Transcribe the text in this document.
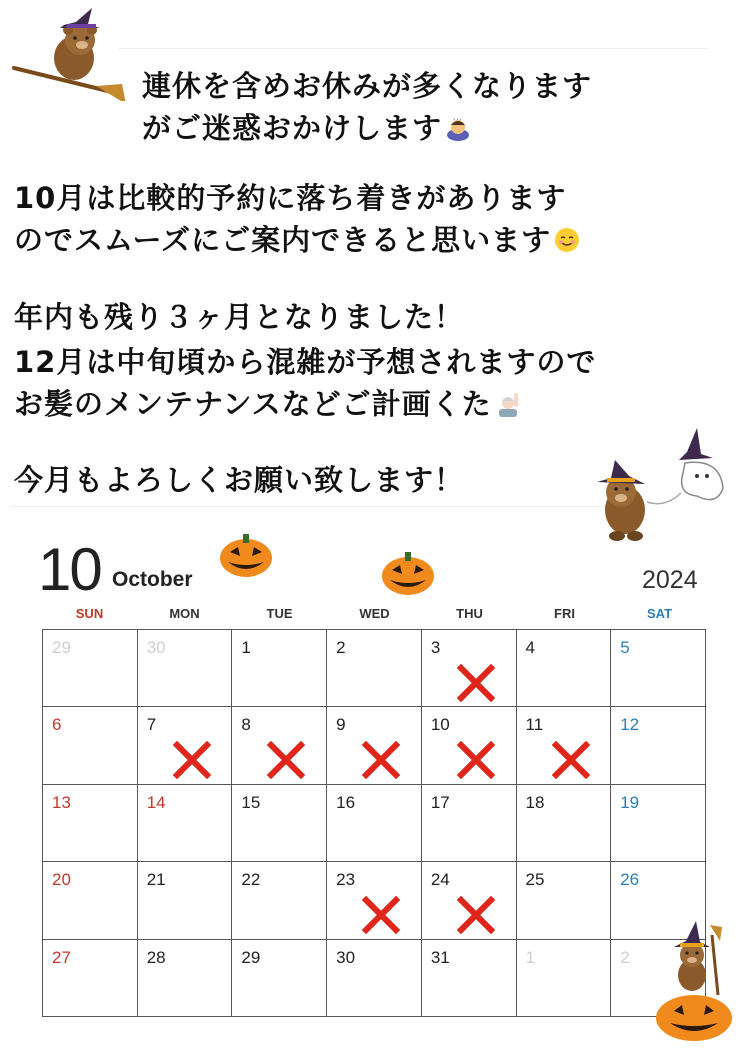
連休を含めお休みが多くなります
がご迷惑おかけします ...
10月は比較的予約に落ち着きがあります
のでスムーズにご案内できると思います
年内も残り３ヶ月となりました！
12月は中旬頃から混雑が予想されますので
お髪のメンテナンスなどご計画くた
今月もよろしくお願い致します！
10 October	2024
SUN	MON	TUE	WED	THU	FRI	SAT
29	30	1	2	3	4	5

6	7	8	9	10	11	12

13	14	15	16	17	18	19

20	21	22	23	24	25	26

27	28	29	30	31	1	2
